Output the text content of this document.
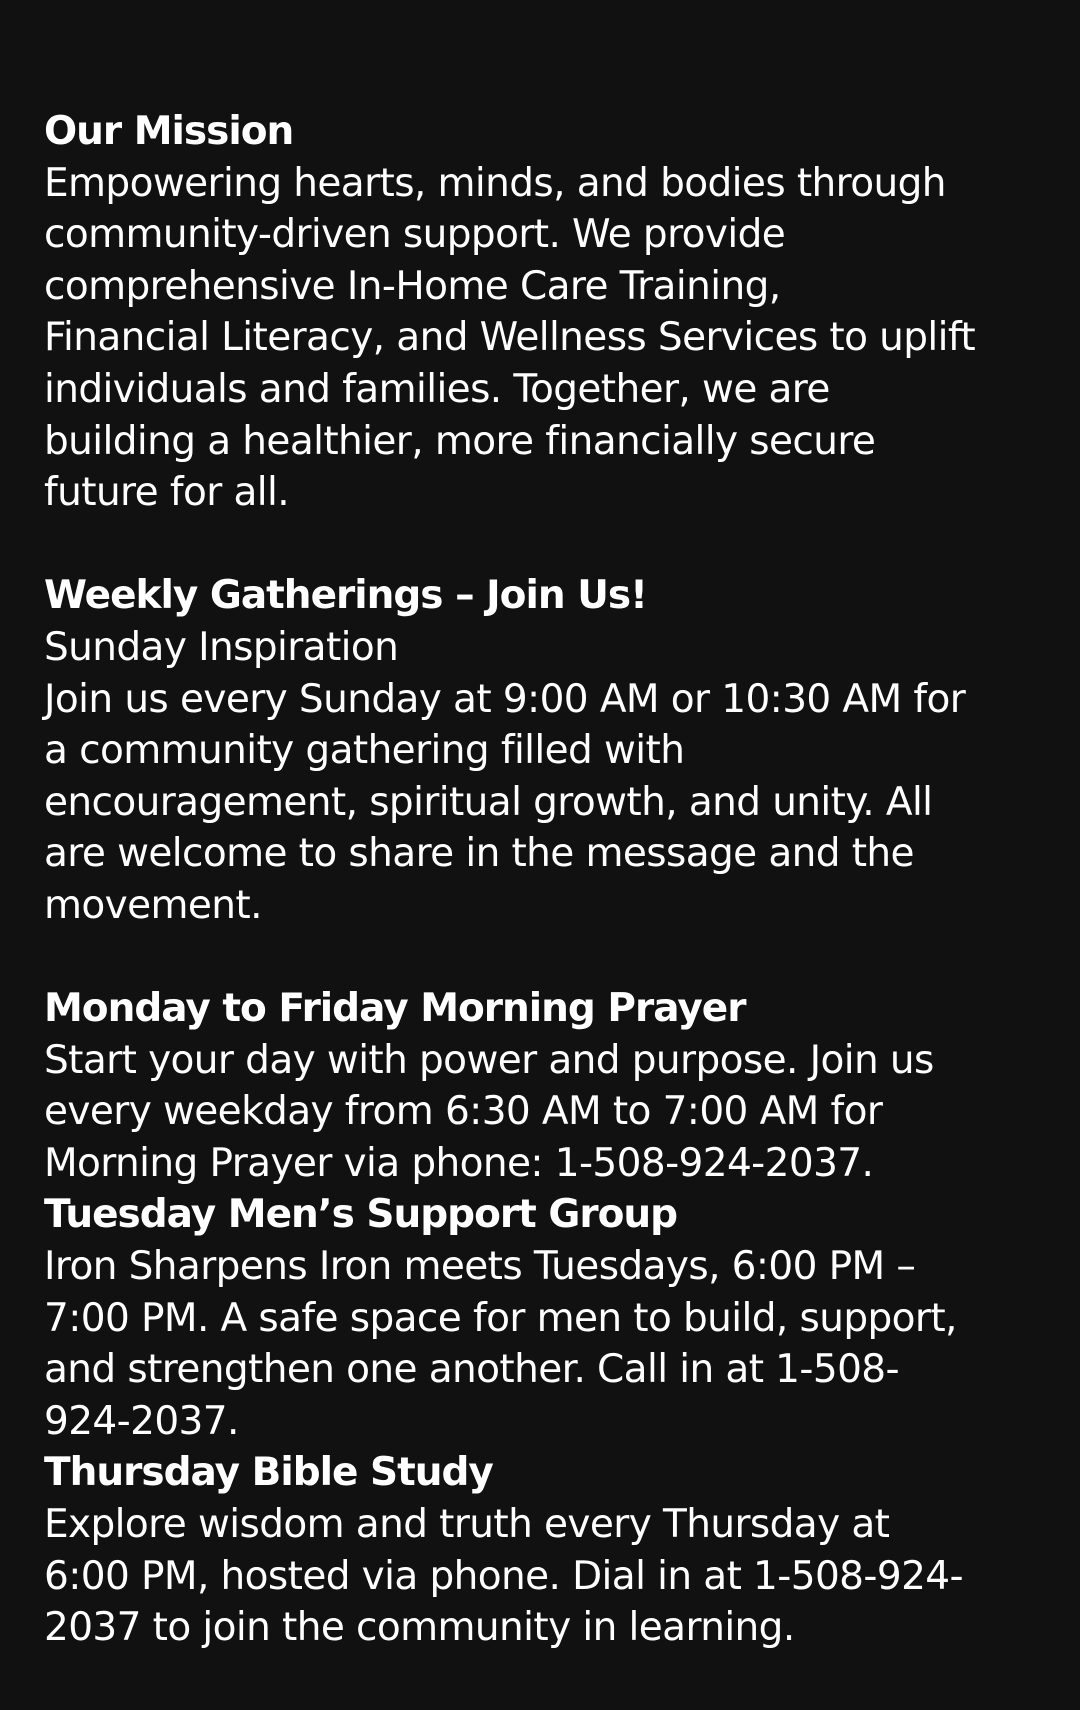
Our Mission
Empowering hearts, minds, and bodies through
community-driven support. We provide
comprehensive In-Home Care Training,
Financial Literacy, and Wellness Services to uplift
individuals and families. Together, we are
building a healthier, more financially secure
future for all.
Weekly Gatherings – Join Us!
Sunday Inspiration
Join us every Sunday at 9:00 AM or 10:30 AM for
a community gathering filled with
encouragement, spiritual growth, and unity. All
are welcome to share in the message and the
movement.
Monday to Friday Morning Prayer
Start your day with power and purpose. Join us
every weekday from 6:30 AM to 7:00 AM for
Morning Prayer via phone: 1-508-924-2037.
Tuesday Men’s Support Group
Iron Sharpens Iron meets Tuesdays, 6:00 PM –
7:00 PM. A safe space for men to build, support,
and strengthen one another. Call in at 1-508-
924-2037.
Thursday Bible Study
Explore wisdom and truth every Thursday at
6:00 PM, hosted via phone. Dial in at 1-508-924-
2037 to join the community in learning.
